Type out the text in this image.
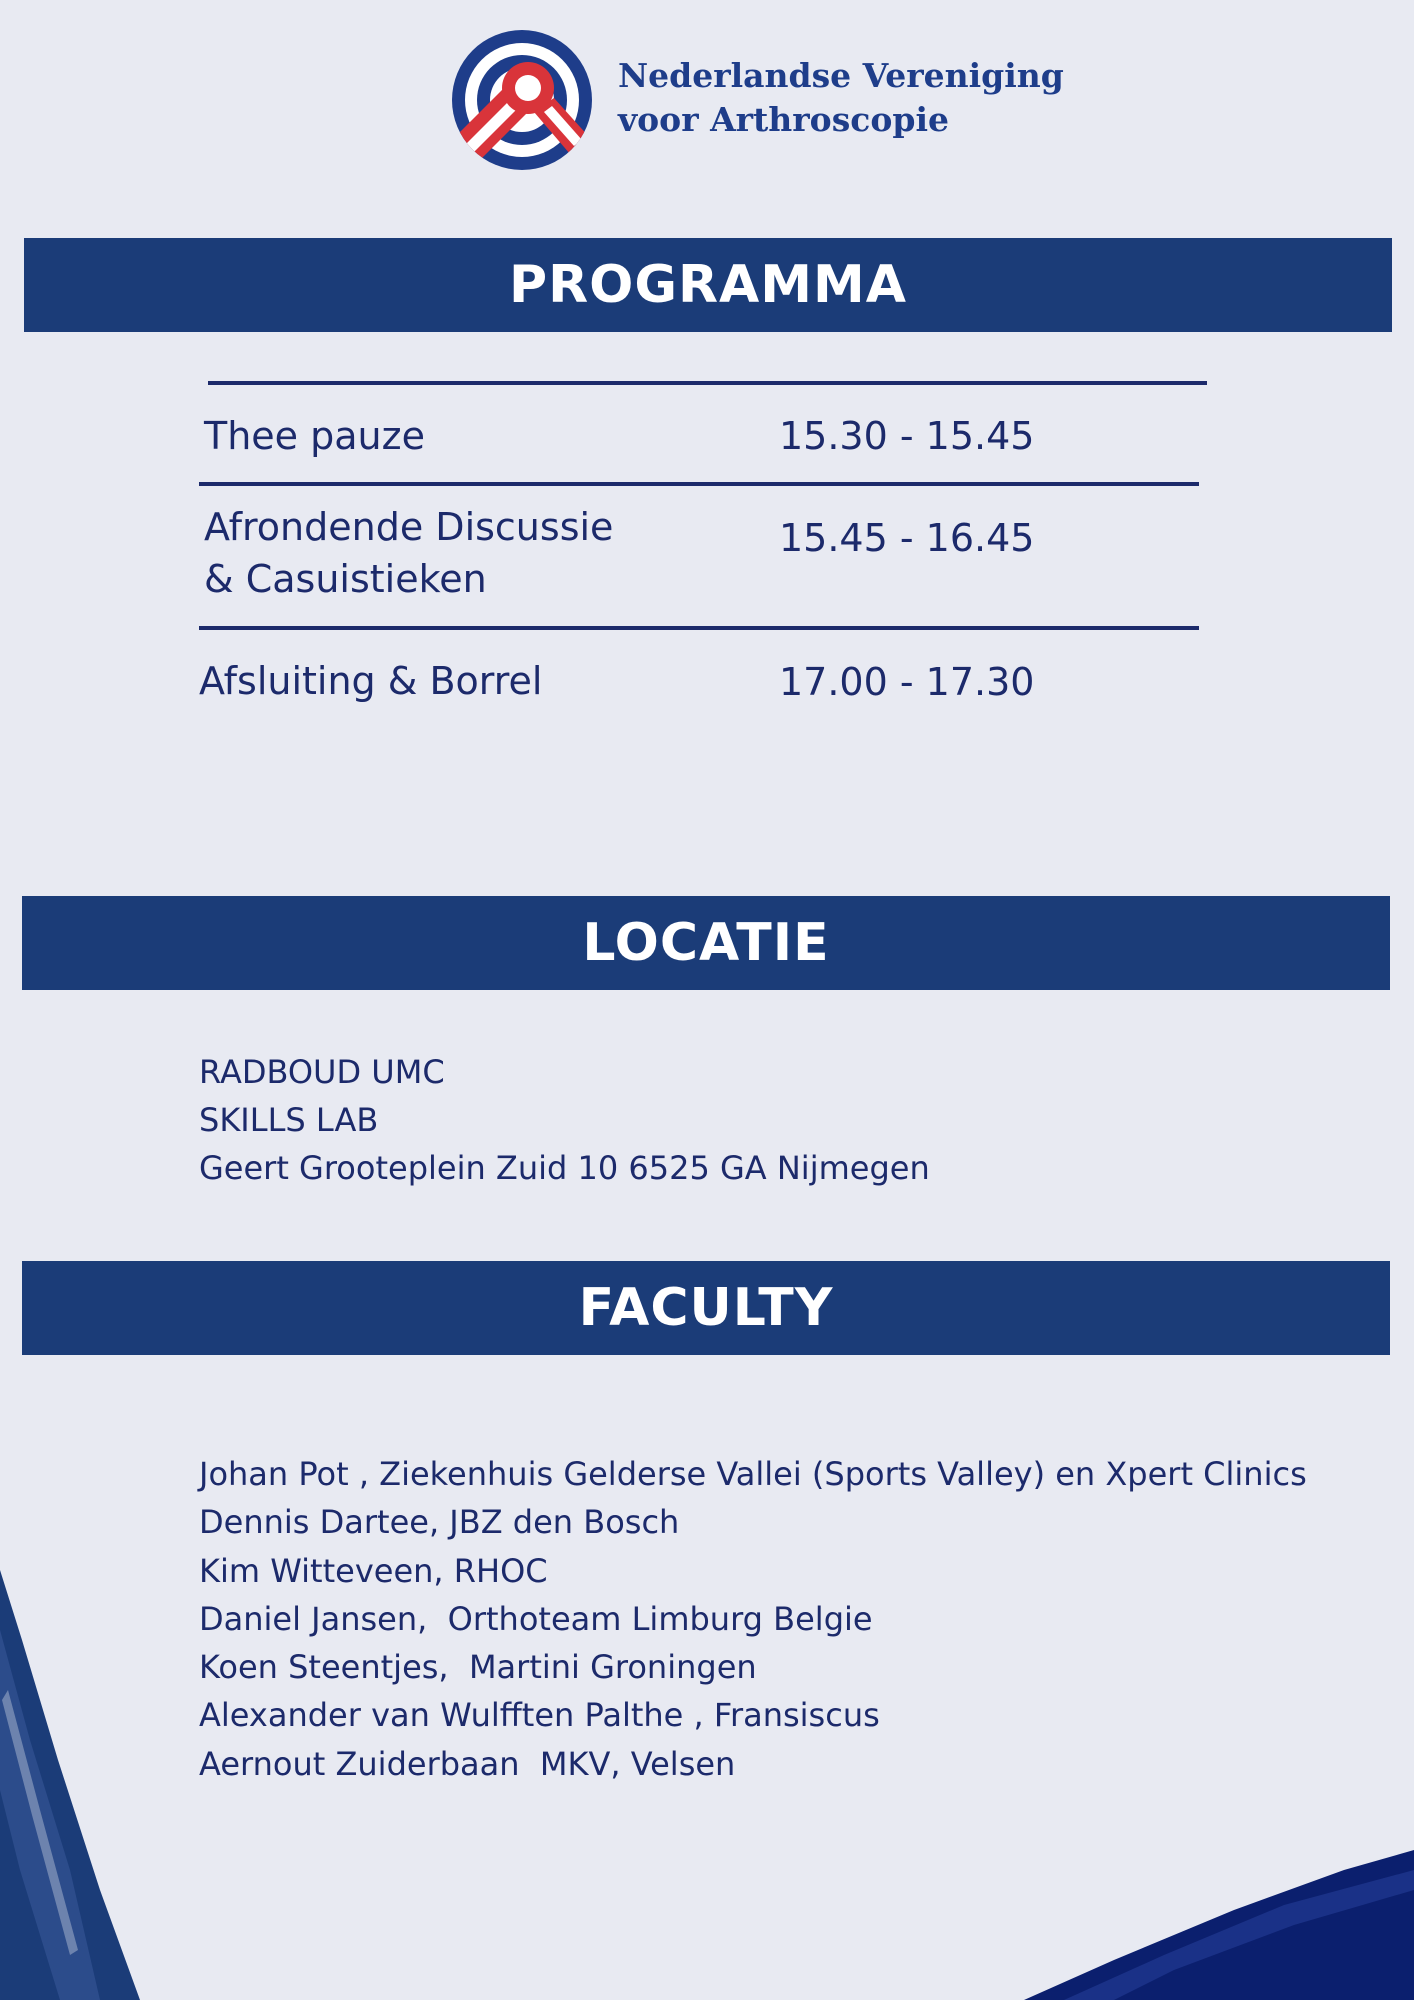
Nederlandse Vereniging
voor Arthroscopie
PROGRAMMA
Thee pauze	15.30 - 15.45
Afrondende Discussie
& Casuistieken
15.45 - 16.45
Afsluiting & Borrel	17.00 - 17.30
LOCATIE
RADBOUD UMC
SKILLS LAB
Geert Grooteplein Zuid 10 6525 GA Nijmegen
FACULTY
Johan Pot , Ziekenhuis Gelderse Vallei (Sports Valley) en Xpert Clinics
Dennis Dartee, JBZ den Bosch
Kim Witteveen, RHOC
Daniel Jansen,  Orthoteam Limburg Belgie
Koen Steentjes,  Martini Groningen
Alexander van Wulfften Palthe , Fransiscus
Aernout Zuiderbaan  MKV, Velsen
